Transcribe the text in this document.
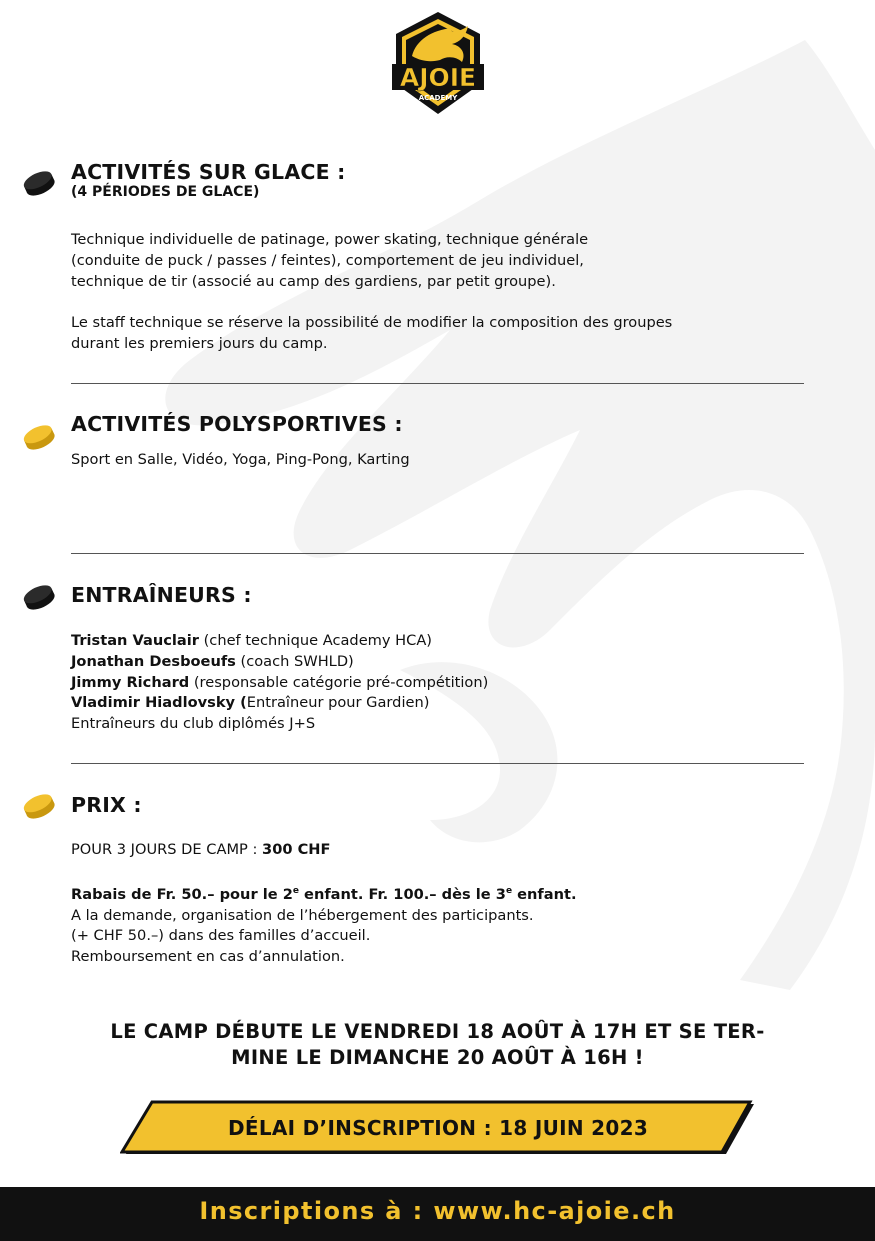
AJOIE
ACADEMY
ACTIVITÉS SUR GLACE :
(4 PÉRIODES DE GLACE)
Technique individuelle de patinage, power skating, technique générale
(conduite de puck / passes / feintes), comportement de jeu individuel,
technique de tir (associé au camp des gardiens, par petit groupe).
Le staff technique se réserve la possibilité de modifier la composition des groupes
durant les premiers jours du camp.
ACTIVITÉS POLYSPORTIVES :
Sport en Salle, Vidéo, Yoga, Ping-Pong, Karting
ENTRAÎNEURS :
Tristan Vauclair (chef technique Academy HCA)
Jonathan Desboeufs (coach SWHLD)
Jimmy Richard (responsable catégorie pré-compétition)
Vladimir Hiadlovsky (Entraîneur pour Gardien)
Entraîneurs du club diplômés J+S
PRIX :
POUR 3 JOURS DE CAMP : 300 CHF
Rabais de Fr. 50.– pour le 2e enfant. Fr. 100.– dès le 3e enfant.
A la demande, organisation de l’hébergement des participants.
(+ CHF 50.–) dans des familles d’accueil.
Remboursement en cas d’annulation.
LE CAMP DÉBUTE LE VENDREDI 18 AOÛT À 17H ET SE TER-
MINE LE DIMANCHE 20 AOÛT À 16H !
DÉLAI D’INSCRIPTION : 18 JUIN 2023
Inscriptions à : www.hc-ajoie.ch
